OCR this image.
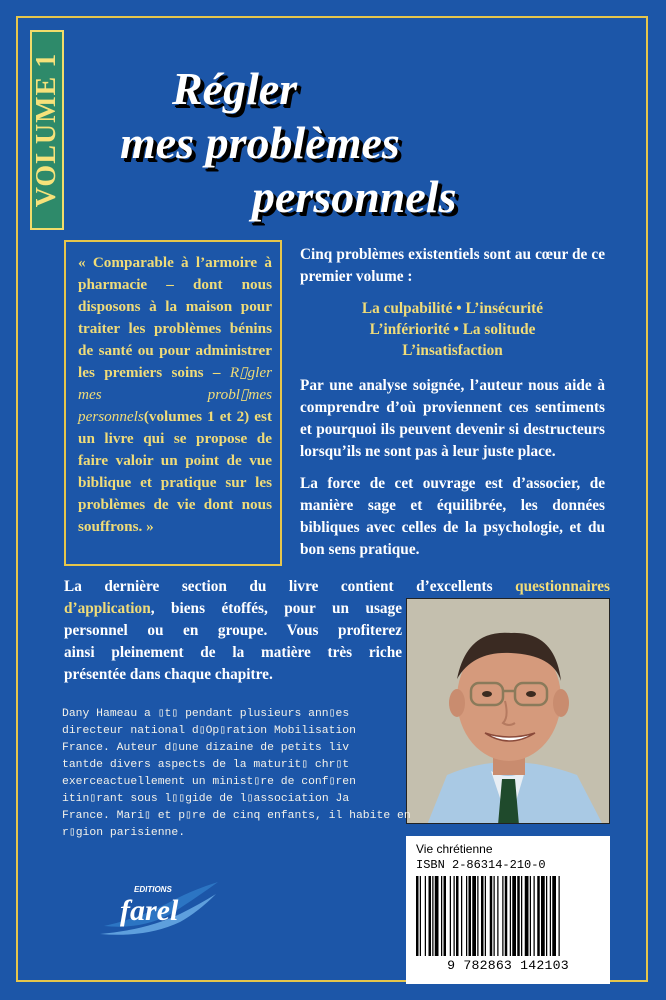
VOLUME 1	Régler
mes problèmes
personnels
« Comparable à l’armoire à pharmacie – dont nous disposons à la maison pour traiter les problèmes bénins de santé ou pour administrer les premiers soins – R▯gler mes probl▯mes personnels(volumes 1 et 2) est un livre qui se propose de faire valoir un point de vue biblique et pratique sur les problèmes de vie dont nous souffrons. »

Cinq problèmes existentiels sont au cœur de ce premier volume :

La culpabilité • L’insécurité
L’infériorité • La solitude
L’insatisfaction

Par une analyse soignée, l’auteur nous aide à comprendre d’où proviennent ces sentiments et pourquoi ils peuvent devenir si destructeurs lorsqu’ils ne sont pas à leur juste place.

La force de cet ouvrage est d’associer, de manière sage et équilibrée, les données bibliques avec celles de la psychologie, et du bon sens pratique.

La dernière section du livre contient d’excellents questionnaires
d’application, biens étoffés, pour un usage
personnel ou en groupe. Vous profiterez
ainsi pleinement de la matière très riche
présentée dans chaque chapitre.
Dany Hameau a ▯t▯ pendant plusieurs ann▯es
directeur national d▯Op▯ration Mobilisation
France. Auteur d▯une dizaine de petits liv
tantde divers aspects de la maturit▯ chr▯t
exerceactuellement un minist▯re de conf▯ren
itin▯rant sous l▯▯gide de l▯association Ja
France. Mari▯ et p▯re de cinq enfants, il habite en
r▯gion parisienne.
EDITIONS
farel
Vie chrétienne
ISBN 2-86314-210-0
9 782863 142103
